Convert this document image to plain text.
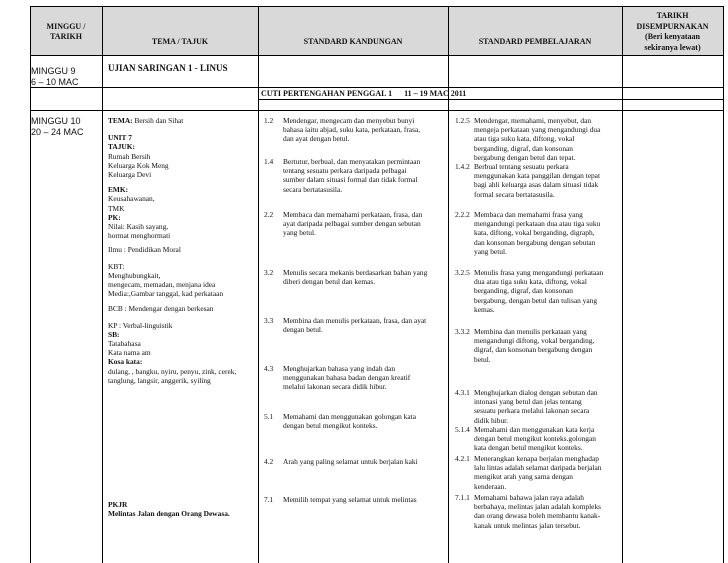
MINGGU /
TARIKH
TEMA / TAJUK	STANDARD KANDUNGAN	STANDARD PEMBELAJARAN
TARIKH
DISEMPURNAKAN
(Beri kenyataan
sekiranya lewat)
MINGGU 9
6 – 10 MAC
UJIAN SARINGAN 1 - LINUS
CUTI PERTENGAHAN PENGGAL 1      11 – 19 MAC 2011
MINGGU 10
20 – 24 MAC
TEMA: Bersih dan Sihat
UNIT 7
TAJUK:
Rumah Bersih
Keluarga Kok Meng
Keluarga Devi
EMK:
Keusahawanan,
TMK
PK:
Nilai: Kasih sayang,
hormat menghormati
Ilmu : Pendidikan Moral
KBT:
Menghubungkait,
mengecam, memadan, menjana idea
Media:,Gambar tanggal, kad perkataan
BCB : Mendengar dengan berkesan
KP : Verbal-linguistik
SB:
Tatabahasa
Kata nama am
Kosa kata:
dulang, , bangku, nyiru, penyu, zink, cerek,
tanglung, langsir, anggerik, syiling
PKJR
Melintas Jalan dengan Orang Dewasa.
1.2 Mendengar, mengecam dan menyebut bunyi
bahasa iaitu abjad, suku kata, perkataan, frasa,
dan ayat dengan betul.
1.4 Bertutur, berbual, dan menyatakan permintaan
tentang sesuatu perkara daripada pelbagai
sumber dalam situasi formal dan tidak formal
secara bertatasusila.
2.2 Membaca dan memahami perkataan, frasa, dan
ayat daripada pelbagai sumber dengan sebutan
yang betul.
3.2 Menulis secara mekanis berdasarkan bahan yang
diberi dengan betul dan kemas.
3.3 Membina dan menulis perkataan, frasa, dan ayat
dengan betul.
4.3 Menghujarkan bahasa yang indah dan
menggunakan bahasa badan dengan kreatif
melalui lakonan secara didik hibur.
5.1 Memahami dan menggunakan golongan kata
dengan betul mengikut konteks.
4.2 Arah yang paling selamat untuk berjalan kaki
7.1 Memilih tempat yang selamat untuk melintas
1.2.5 Mendengar, memahami, menyebut, dan
mengeja perkataan yang mengandungi dua
atau tiga suku kata, diftong, vokal
berganding, digraf, dan konsonan
bergabung dengan betul dan tepat.
1.4.2 Berbual tentang sesuatu perkara
menggunakan kata panggilan dengan tepat
bagi ahli keluarga asas dalam situasi tidak
formal secara bertatasusila.
2.2.2 Membaca dan memahami frasa yang
mengandungi perkataan dua atau tiga suku
kata, diftong, vokal berganding, digraph,
dan konsonan bergabung dengan sebutan
yang betul.
3.2.5 Menulis frasa yang mengandungi perkataan
dua atau tiga suku kata, diftong, vokal
berganding, digraf, dan konsonan
bergabung, dengan betul dan tulisan yang
kemas.
3.3.2 Membina dan menulis perkataan yang
mengandungi diftong, vokal berganding,
digraf, dan konsonan bergabung dengan
betul.
4.3.1 Menghujarkan dialog dengan sebutan dan
intonasi yang betul dan jelas tentang
sesuatu perkara melalui lakonan secara
didik hibur.
5.1.4 Memahami dan menggunakan kata kerja
dengan betul mengikut konteks.golongan
kata dengan betul mengikut konteks.
4.2.1 Menerangkan kenapa berjalan menghadap
lalu lintas adalah selamat daripada berjalan
mengikut arah yang sama dengan
kenderaan.
7.1.1 Memahami bahawa jalan raya adalah
berbahaya, melintas jalan adalah kompleks
dan orang dewasa boleh membantu kanak-
kanak untuk melintas jalan tersebut.
